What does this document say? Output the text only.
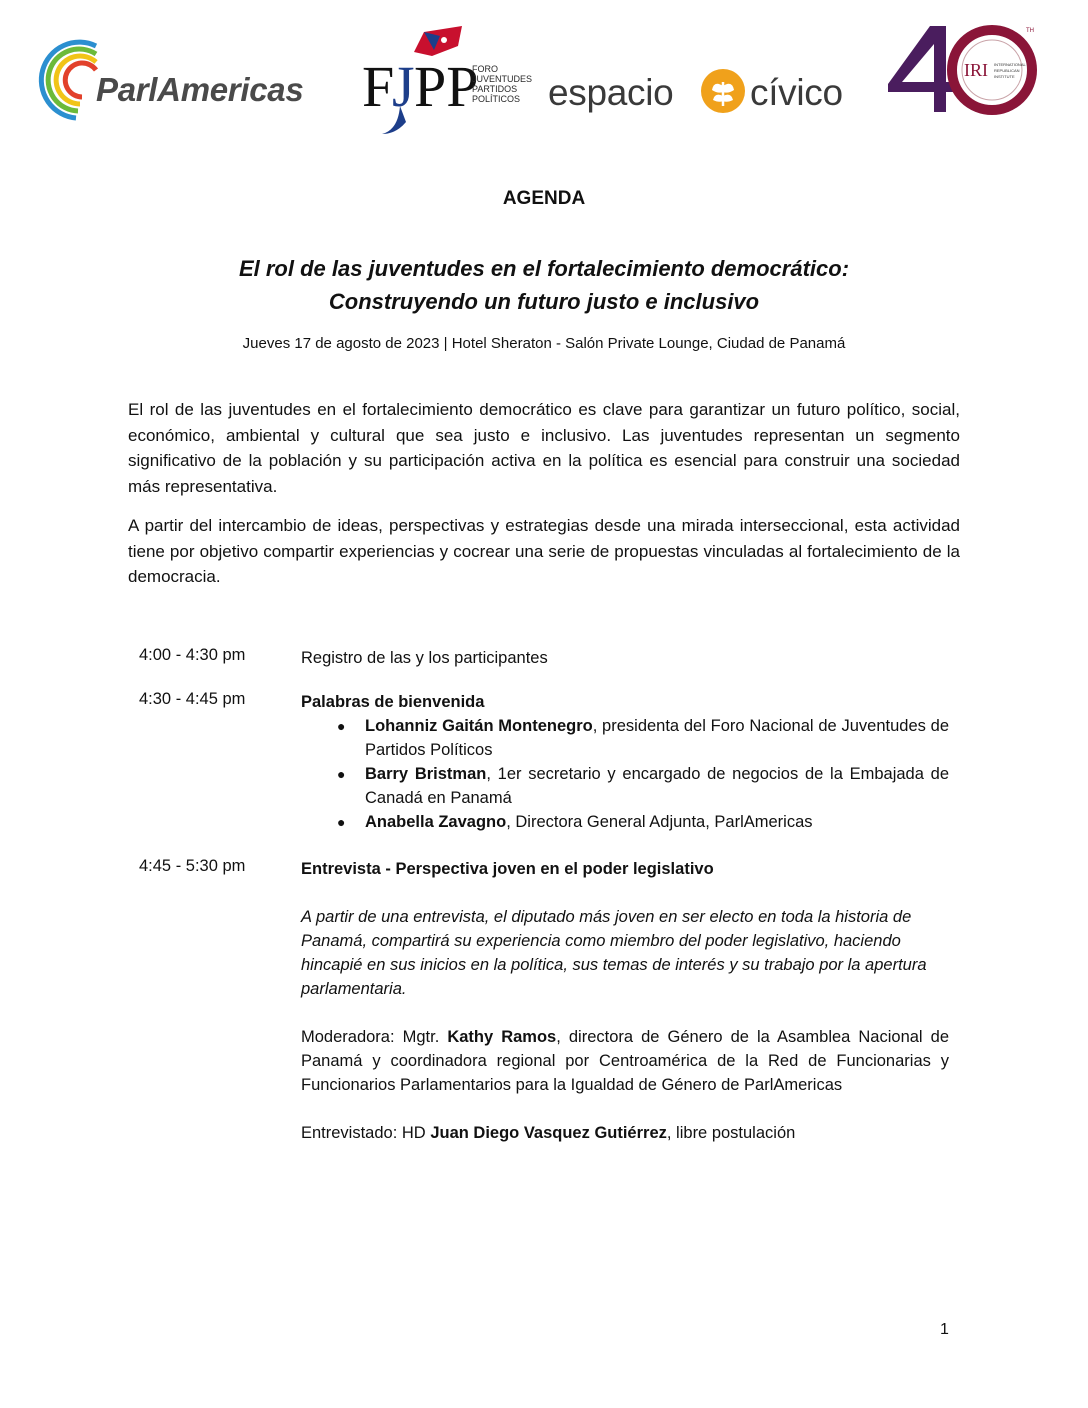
ParlAmericas F J PP
FORO
JUVENTUDES
PARTIDOS
POLÍTICOS espacio cívico
IRI INTERNATIONAL
REPUBLICAN
INSTITUTE
TH
AGENDA
El rol de las juventudes en el fortalecimiento democrático:
Construyendo un futuro justo e inclusivo
Jueves 17 de agosto de 2023 | Hotel Sheraton - Salón Private Lounge, Ciudad de Panamá

El rol de las juventudes en el fortalecimiento democrático es clave para garantizar un futuro político, social, económico, ambiental y cultural que sea justo e inclusivo. Las juventudes representan un segmento significativo de la población y su participación activa en la política es esencial para construir una sociedad más representativa.

A partir del intercambio de ideas, perspectivas y estrategias desde una mirada interseccional, esta actividad tiene por objetivo compartir experiencias y cocrear una serie de propuestas vinculadas al fortalecimiento de la democracia.

4:00 - 4:30 pm	Registro de las y los participantes
4:30 - 4:45 pm	Palabras de bienvenida
● Lohanniz Gaitán Montenegro, presidenta del Foro Nacional de Juventudes de Partidos Políticos
● Barry Bristman, 1er secretario y encargado de negocios de la Embajada de Canadá en Panamá
● Anabella Zavagno, Directora General Adjunta, ParlAmericas
4:45 - 5:30 pm	Entrevista - Perspectiva joven en el poder legislativo

A partir de una entrevista, el diputado más joven en ser electo en toda la historia de Panamá, compartirá su experiencia como miembro del poder legislativo, haciendo hincapié en sus inicios en la política, sus temas de interés y su trabajo por la apertura parlamentaria.

Moderadora: Mgtr. Kathy Ramos, directora de Género de la Asamblea Nacional de Panamá y coordinadora regional por Centroamérica de la Red de Funcionarias y Funcionarios Parlamentarios para la Igualdad de Género de ParlAmericas

Entrevistado: HD Juan Diego Vasquez Gutiérrez, libre postulación

1
